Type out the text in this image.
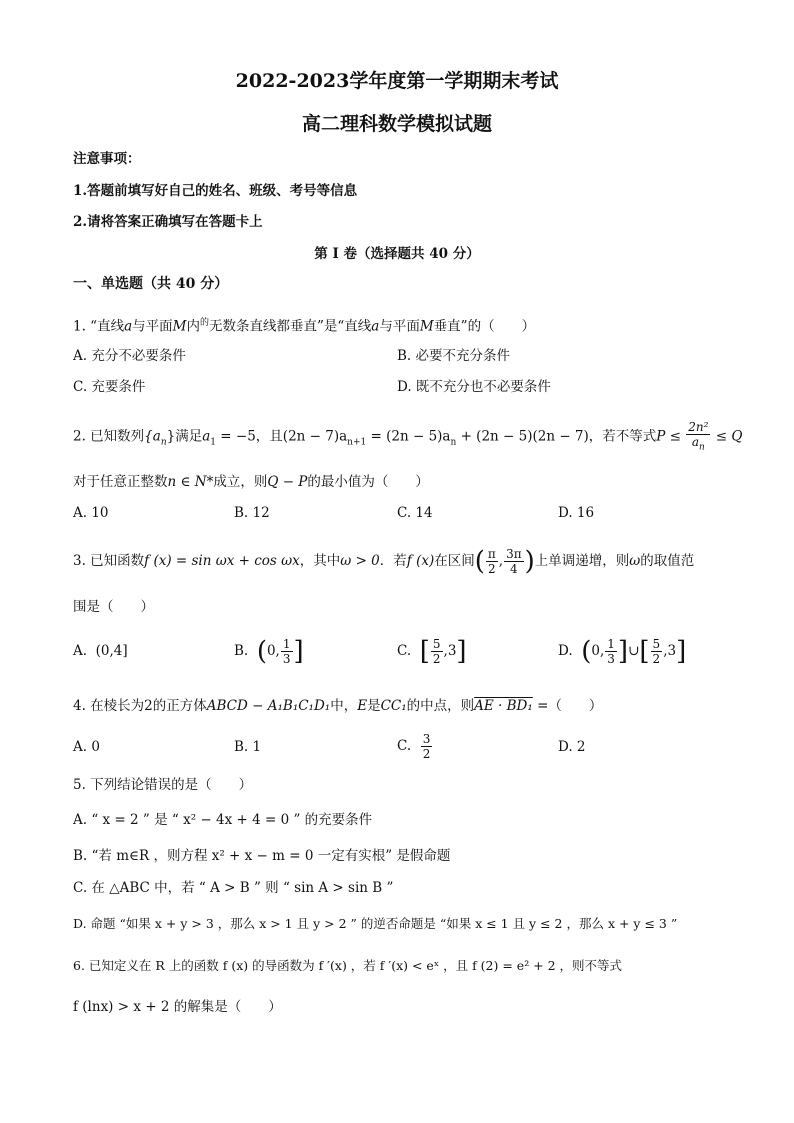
2022-2023学年度第一学期期末考试
高二理科数学模拟试题
注意事项：
1.答题前填写好自己的姓名、班级、考号等信息
2.请将答案正确填写在答题卡上
第 I 卷（选择题共 40 分）
一、单选题（共 40 分）
1. “直线a与平面M内$^的$无数条直线都垂直”是“直线a与平面M垂直”的（　　）
A. 充分不必要条件	B. 必要不充分条件
C. 充要条件	D. 既不充分也不必要条件
2. 已知数列$\{a_n\}$满足$a_1 = -5$，且$(2n - 7)a_{n+1} = (2n - 5)a_n + (2n - 5)(2n - 7)$，若不等式$P \le \frac{\text{2n²}}{a_n} \le Q$
对于任意正整数n ∈ N*成立，则Q − P的最小值为（　　）
A. 10	B. 12	C. 14	D. 16
3. 已知函数f (x) = sin ωx + cos ωx，其中ω > 0．若f (x)在区间( $\frac{\pi}{2}$ , $\frac{3\pi}{4}$ )上单调递增，则ω的取值范
围是（　　）
A. (0,4]	B. (0, $\frac{1}{3}$ ]	C. [ $\frac{5}{2} ,3$]	D. (0, $\frac{1}{3}$ ]∪[ $\frac{5}{2} ,3$]
4. 在棱长为2的正方体ABCD − A₁B₁C₁D₁中，E是CC₁的中点，则AE · BD₁ =（　　）
A. 0	B. 1	C. $\frac{3}{2}$	D. 2
5. 下列结论错误的是（　　）
A. “ x = 2 ” 是 “ x² − 4x + 4 = 0 ” 的充要条件
B. “若 m∈R ，则方程 x² + x − m = 0 一定有实根” 是假命题
C. 在 △ABC 中，若 “ A > B ” 则 “ sin A > sin B ”
D. 命题 “如果 x + y > 3 ，那么 x > 1 且 y > 2 ” 的逆否命题是 “如果 x ≤ 1 且 y ≤ 2 ，那么 x + y ≤ 3 ”
6. 已知定义在 R 上的函数 f (x) 的导函数为 f ′(x) ，若 f ′(x) < eˣ ，且 f (2) = e² + 2 ，则不等式
f (lnx) > x + 2 的解集是（　　）
